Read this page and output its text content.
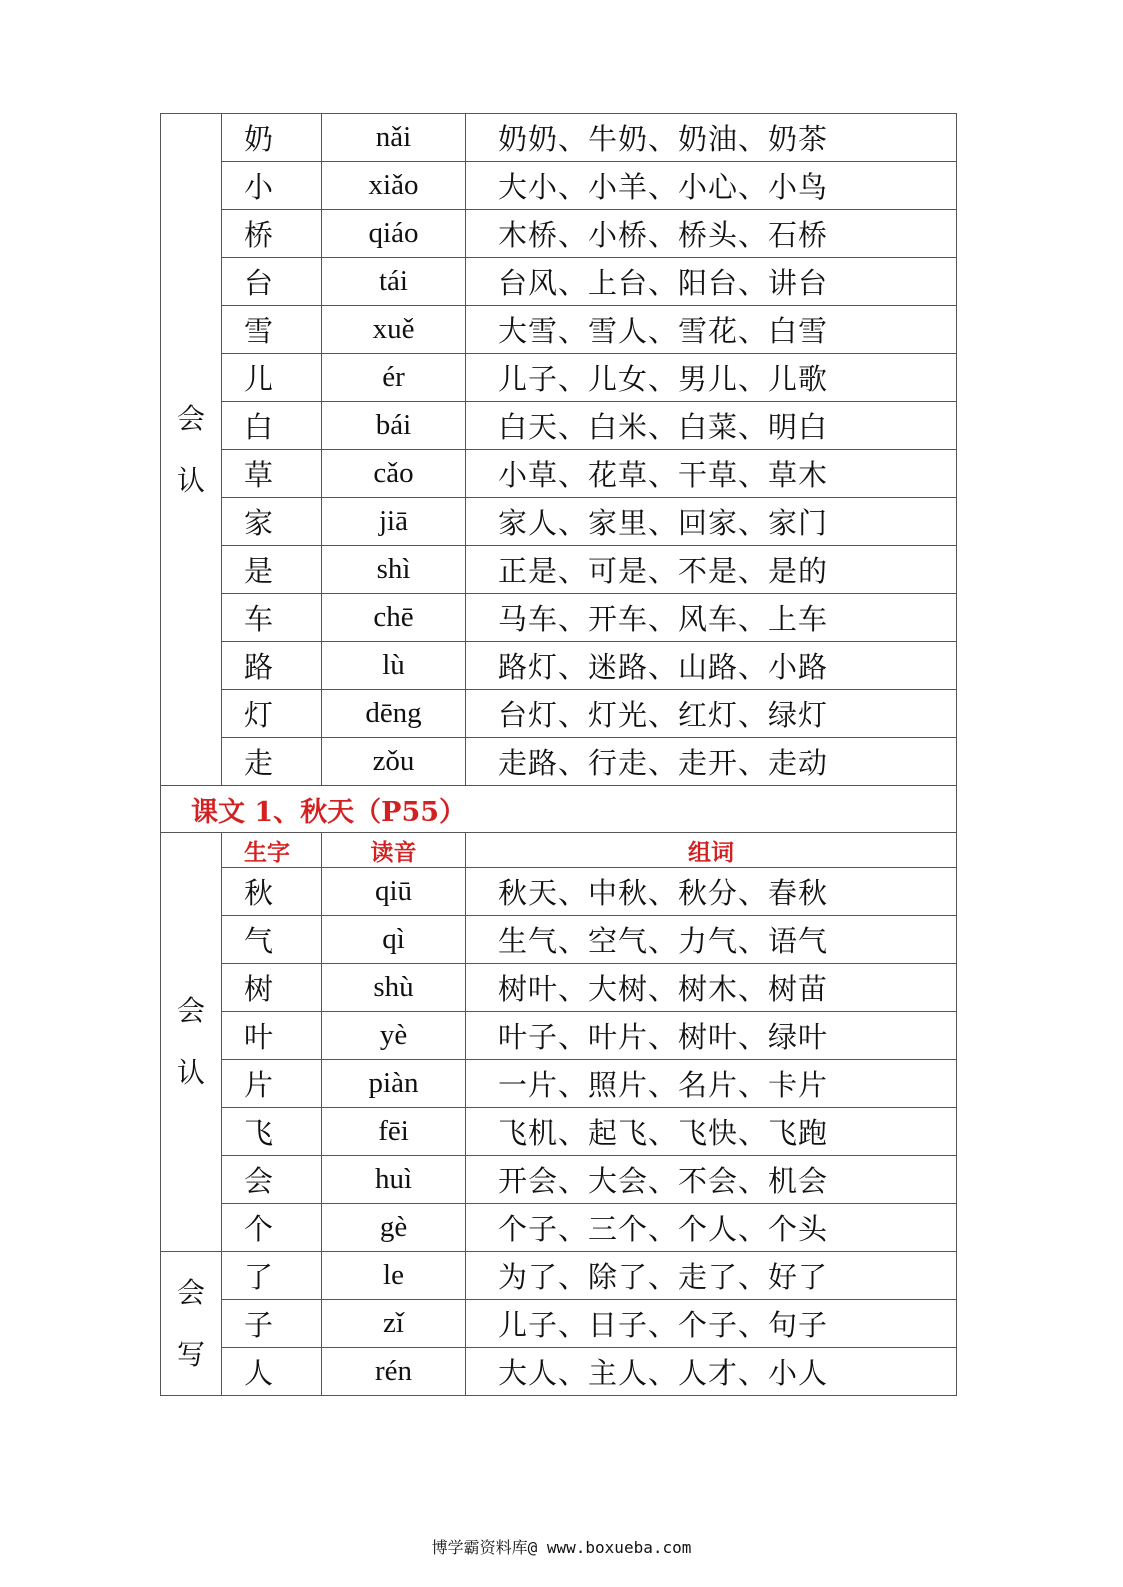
会
认	奶	nǎi	奶奶、牛奶、奶油、奶茶
	小	xiǎo	大小、小羊、小心、小鸟
	桥	qiáo	木桥、小桥、桥头、石桥
	台	tái	台风、上台、阳台、讲台
	雪	xuě	大雪、雪人、雪花、白雪
	儿	ér	儿子、儿女、男儿、儿歌
	白	bái	白天、白米、白菜、明白
	草	cǎo	小草、花草、干草、草木
	家	jiā	家人、家里、回家、家门
	是	shì	正是、可是、不是、是的
	车	chē	马车、开车、风车、上车
	路	lù	路灯、迷路、山路、小路
	灯	dēng	台灯、灯光、红灯、绿灯
	走	zǒu	走路、行走、走开、走动
课文 1、秋天（P55）			

会
认	生字	读音	组词
	秋	qiū	秋天、中秋、秋分、春秋
	气	qì	生气、空气、力气、语气
	树	shù	树叶、大树、树木、树苗
	叶	yè	叶子、叶片、树叶、绿叶
	片	piàn	一片、照片、名片、卡片
	飞	fēi	飞机、起飞、飞快、飞跑
	会	huì	开会、大会、不会、机会
	个	gè	个子、三个、个人、个头

会
写	了	le	为了、除了、走了、好了
	子	zǐ	儿子、日子、个子、句子
	人	rén	大人、主人、人才、小人
博学霸资料库@ www.boxueba.com
